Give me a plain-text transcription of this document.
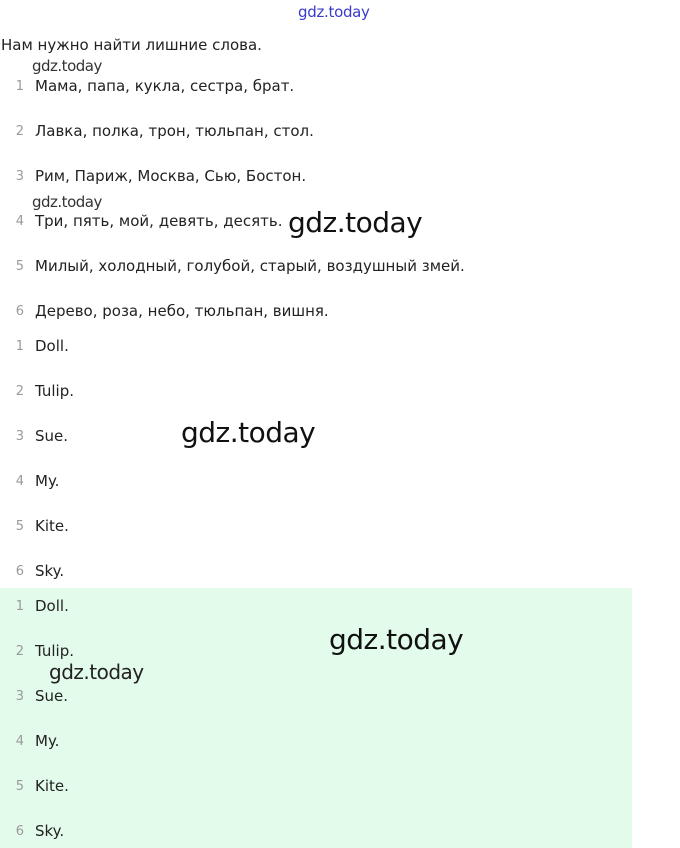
gdz.today
Нам нужно найти лишние слова.
1 Мама, папа, кукла, сестра, брат.
2 Лавка, полка, трон, тюльпан, стол.
3 Рим, Париж, Москва, Сью, Бостон.
4 Три, пять, мой, девять, десять.
5 Милый, холодный, голубой, старый, воздушный змей.
6 Дерево, роза, небо, тюльпан, вишня.
1 Doll.
2 Tulip.
3 Sue.
4 My.
5 Kite.
6 Sky.
1 Doll.
2 Tulip.
3 Sue.
4 My.
5 Kite.
6 Sky.
gdz.today
gdz.today
gdz.today
gdz.today
gdz.today
gdz.today
